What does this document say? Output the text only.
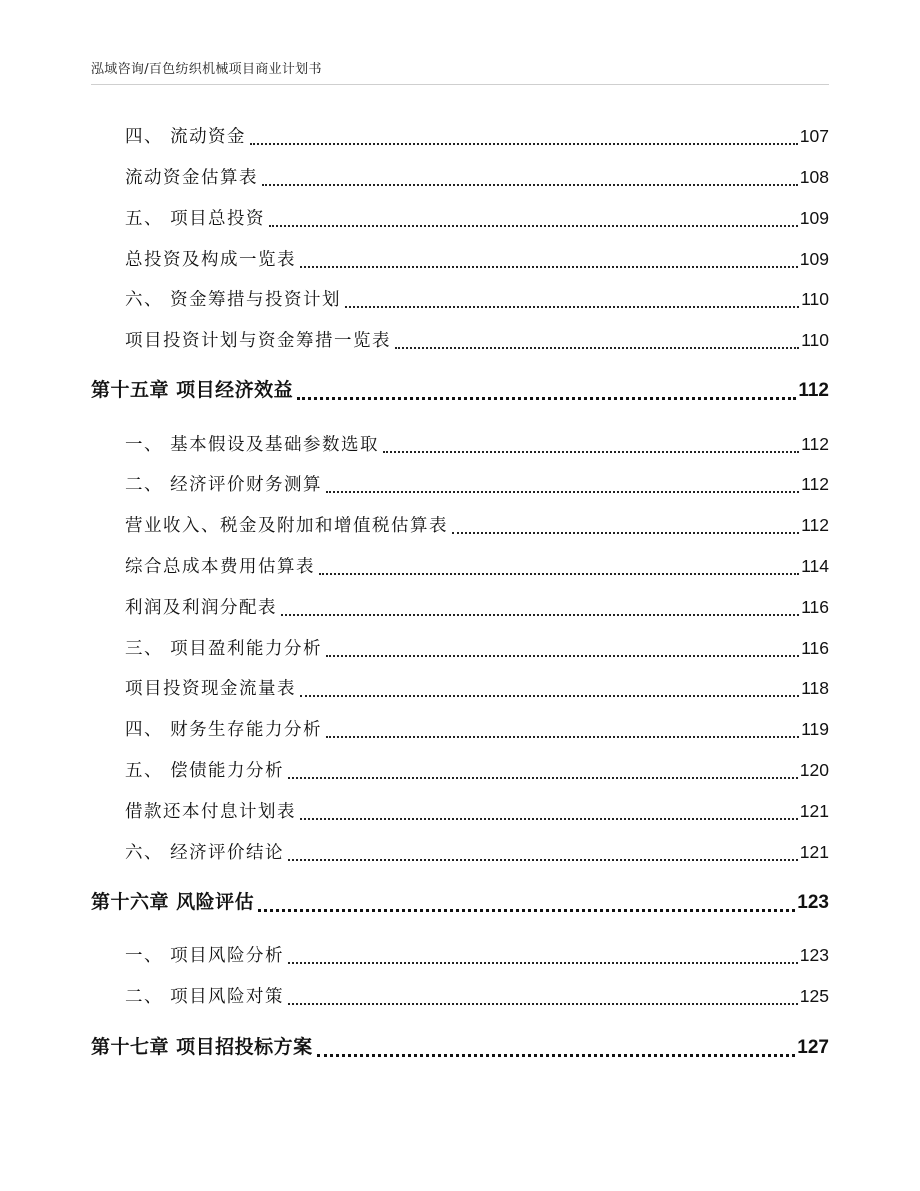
泓域咨询/百色纺织机械项目商业计划书
四、 流动资金	107
流动资金估算表	108
五、 项目总投资	109
总投资及构成一览表	109
六、 资金筹措与投资计划	110
项目投资计划与资金筹措一览表	110
第十五章 项目经济效益	112
一、 基本假设及基础参数选取	112
二、 经济评价财务测算	112
营业收入、税金及附加和增值税估算表	112
综合总成本费用估算表	114
利润及利润分配表	116
三、 项目盈利能力分析	116
项目投资现金流量表	118
四、 财务生存能力分析	119
五、 偿债能力分析	120
借款还本付息计划表	121
六、 经济评价结论	121
第十六章 风险评估	123
一、 项目风险分析	123
二、 项目风险对策	125
第十七章 项目招投标方案	127
